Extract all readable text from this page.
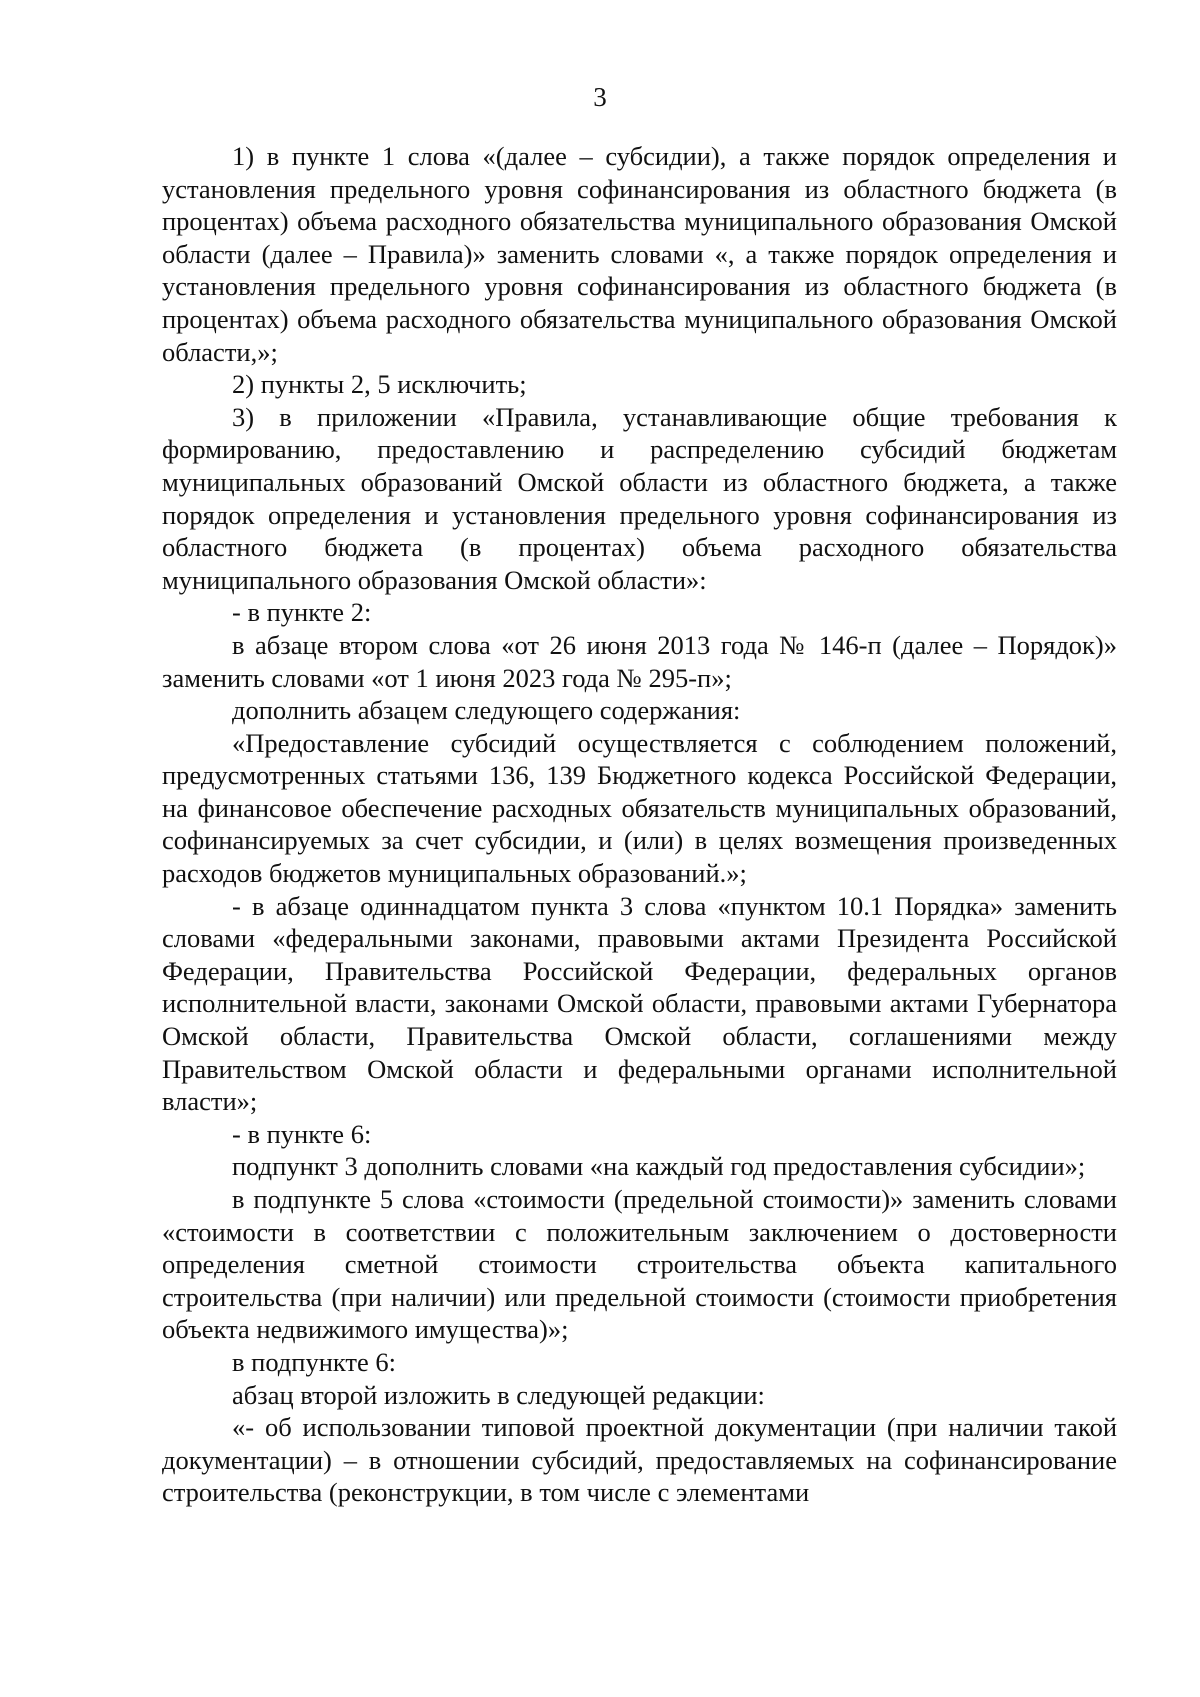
3

1) в пункте 1 слова «(далее – субсидии), а также порядок определения и установления предельного уровня софинансирования из областного бюджета (в процентах) объема расходного обязательства муниципального образования Омской области (далее – Правила)» заменить словами «, а также порядок определения и установления предельного уровня софинансирования из областного бюджета (в процентах) объема расходного обязательства муниципального образования Омской области,»;

2) пункты 2, 5 исключить;

3) в приложении «Правила, устанавливающие общие требования к формированию, предоставлению и распределению субсидий бюджетам муниципальных образований Омской области из областного бюджета, а также порядок определения и установления предельного уровня софинансирования из областного бюджета (в процентах) объема расходного обязательства муниципального образования Омской области»:

- в пункте 2:

в абзаце втором слова «от 26 июня 2013 года № 146-п (далее – Порядок)» заменить словами «от 1 июня 2023 года № 295-п»;

дополнить абзацем следующего содержания:

«Предоставление субсидий осуществляется с соблюдением положений, предусмотренных статьями 136, 139 Бюджетного кодекса Российской Федерации, на финансовое обеспечение расходных обязательств муниципальных образований, софинансируемых за счет субсидии, и (или) в целях возмещения произведенных расходов бюджетов муниципальных образований.»;

- в абзаце одиннадцатом пункта 3 слова «пунктом 10.1 Порядка» заменить словами «федеральными законами, правовыми актами Президента Российской Федерации, Правительства Российской Федерации, федеральных органов исполнительной власти, законами Омской области, правовыми актами Губернатора Омской области, Правительства Омской области, соглашениями между Правительством Омской области и федеральными органами исполнительной власти»;

- в пункте 6:

подпункт 3 дополнить словами «на каждый год предоставления субсидии»;

в подпункте 5 слова «стоимости (предельной стоимости)» заменить словами «стоимости в соответствии с положительным заключением о достоверности определения сметной стоимости строительства объекта капитального строительства (при наличии) или предельной стоимости (стоимости приобретения объекта недвижимого имущества)»;

в подпункте 6:

абзац второй изложить в следующей редакции:

«- об использовании типовой проектной документации (при наличии такой документации) – в отношении субсидий, предоставляемых на софинансирование строительства (реконструкции, в том числе с элементами
